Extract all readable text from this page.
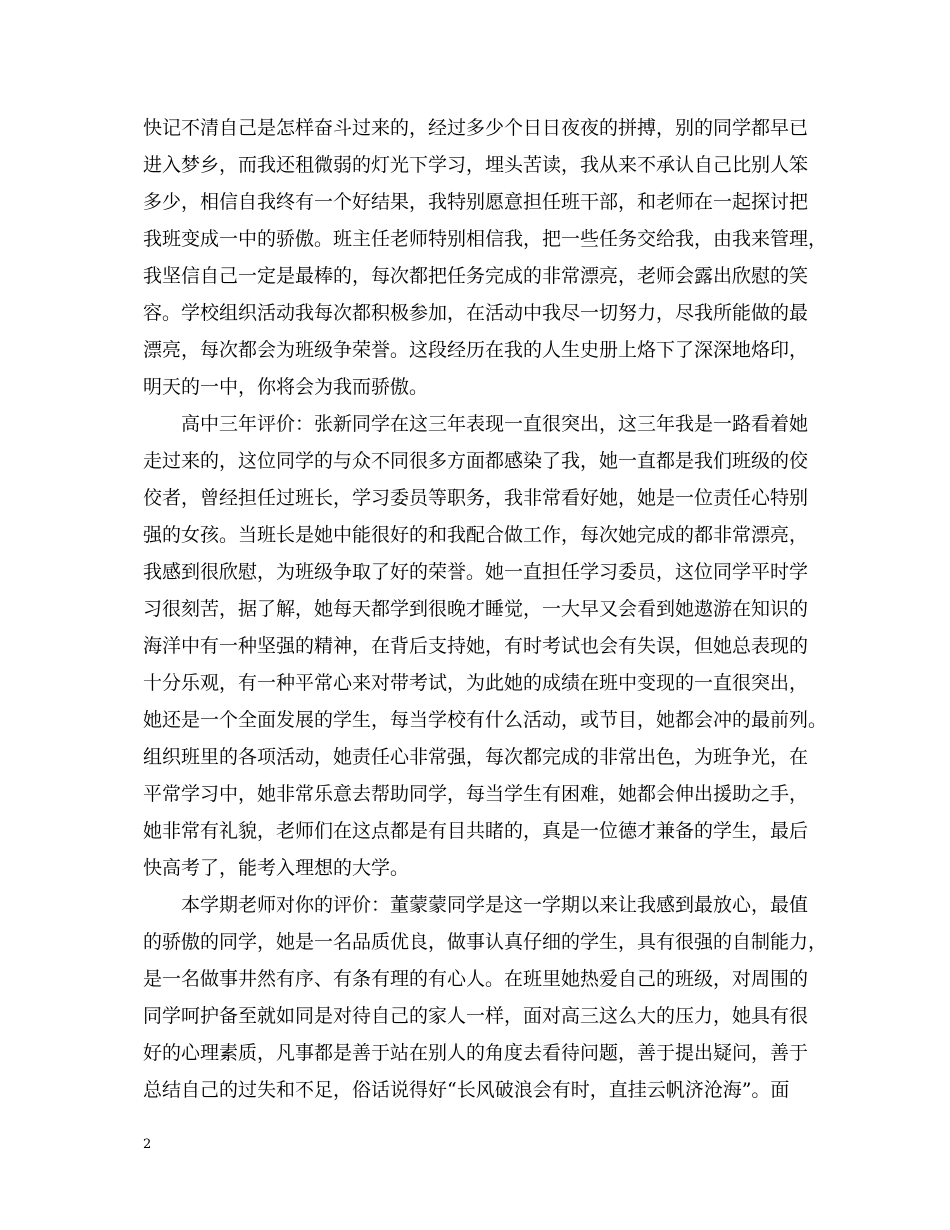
快记不清自己是怎样奋斗过来的，经过多少个日日夜夜的拼搏，别的同学都早已
进入梦乡，而我还租微弱的灯光下学习，埋头苦读，我从来不承认自己比别人笨
多少，相信自我终有一个好结果，我特别愿意担任班干部，和老师在一起探讨把
我班变成一中的骄傲。班主任老师特别相信我，把一些任务交给我，由我来管理，
我坚信自己一定是最棒的，每次都把任务完成的非常漂亮，老师会露出欣慰的笑
容。学校组织活动我每次都积极参加，在活动中我尽一切努力，尽我所能做的最
漂亮，每次都会为班级争荣誉。这段经历在我的人生史册上烙下了深深地烙印，
明天的一中，你将会为我而骄傲。
　　高中三年评价：张新同学在这三年表现一直很突出，这三年我是一路看着她
走过来的，这位同学的与众不同很多方面都感染了我，她一直都是我们班级的佼
佼者，曾经担任过班长，学习委员等职务，我非常看好她，她是一位责任心特别
强的女孩。当班长是她中能很好的和我配合做工作，每次她完成的都非常漂亮，
我感到很欣慰，为班级争取了好的荣誉。她一直担任学习委员，这位同学平时学
习很刻苦，据了解，她每天都学到很晚才睡觉，一大早又会看到她遨游在知识的
海洋中有一种坚强的精神，在背后支持她，有时考试也会有失误，但她总表现的
十分乐观，有一种平常心来对带考试，为此她的成绩在班中变现的一直很突出，
她还是一个全面发展的学生，每当学校有什么活动，或节目，她都会冲的最前列。
组织班里的各项活动，她责任心非常强，每次都完成的非常出色，为班争光，在
平常学习中，她非常乐意去帮助同学，每当学生有困难，她都会伸出援助之手，
她非常有礼貌，老师们在这点都是有目共睹的，真是一位德才兼备的学生，最后
快高考了，能考入理想的大学。
　　本学期老师对你的评价：董蒙蒙同学是这一学期以来让我感到最放心，最值
的骄傲的同学，她是一名品质优良，做事认真仔细的学生，具有很强的自制能力，
是一名做事井然有序、有条有理的有心人。在班里她热爱自己的班级，对周围的
同学呵护备至就如同是对待自己的家人一样，面对高三这么大的压力，她具有很
好的心理素质，凡事都是善于站在别人的角度去看待问题，善于提出疑问，善于
总结自己的过失和不足，俗话说得好“长风破浪会有时，直挂云帆济沧海”。面
2
